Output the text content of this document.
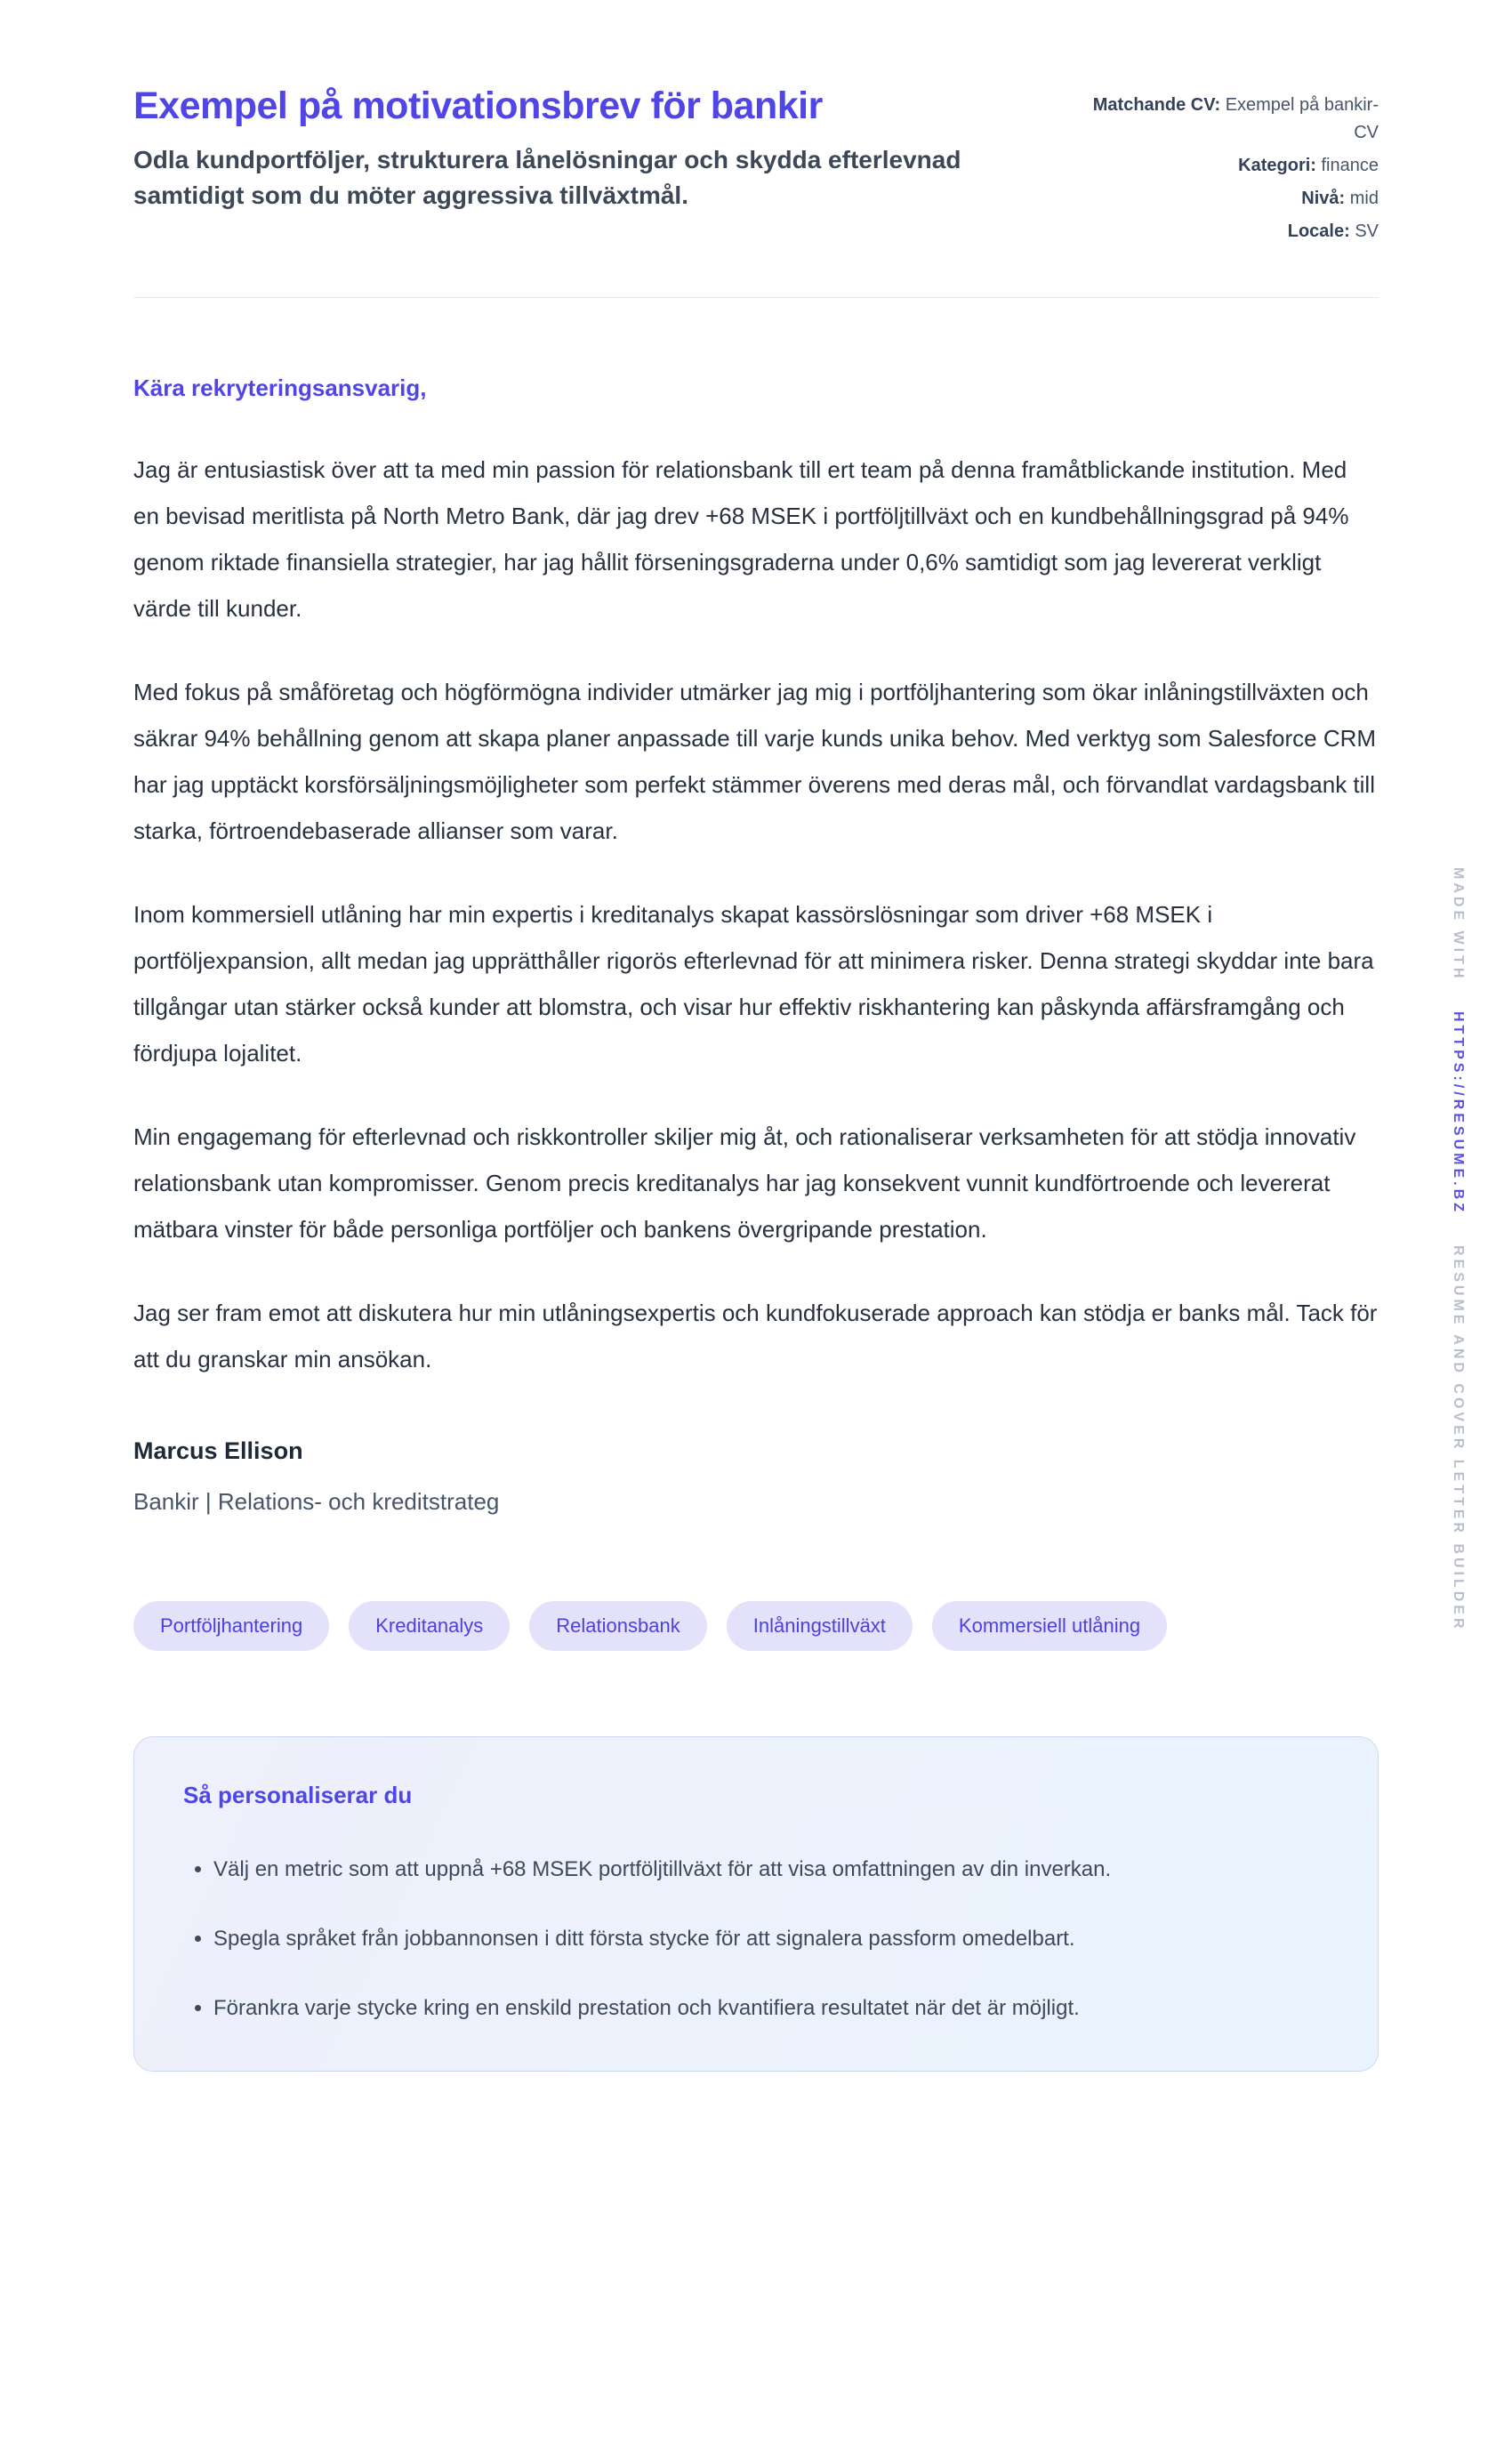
Exempel på motivationsbrev för bankir

Odla kundportföljer, strukturera lånelösningar och skydda efterlevnad samtidigt som du möter aggressiva tillväxtmål.

Matchande CV: Exempel på bankir-CV
Kategori: finance
Nivå: mid
Locale: SV

Kära rekryteringsansvarig,

Jag är entusiastisk över att ta med min passion för relationsbank till ert team på denna framåtblickande institution. Med en bevisad meritlista på North Metro Bank, där jag drev +68 MSEK i portföljtillväxt och en kundbehållningsgrad på 94% genom riktade finansiella strategier, har jag hållit förseningsgraderna under 0,6% samtidigt som jag levererat verkligt värde till kunder.

Med fokus på småföretag och högförmögna individer utmärker jag mig i portföljhantering som ökar inlåningstillväxten och säkrar 94% behållning genom att skapa planer anpassade till varje kunds unika behov. Med verktyg som Salesforce CRM har jag upptäckt korsförsäljningsmöjligheter som perfekt stämmer överens med deras mål, och förvandlat vardagsbank till starka, förtroendebaserade allianser som varar.

Inom kommersiell utlåning har min expertis i kreditanalys skapat kassörslösningar som driver +68 MSEK i portföljexpansion, allt medan jag upprätthåller rigorös efterlevnad för att minimera risker. Denna strategi skyddar inte bara tillgångar utan stärker också kunder att blomstra, och visar hur effektiv riskhantering kan påskynda affärsframgång och fördjupa lojalitet.

Min engagemang för efterlevnad och riskkontroller skiljer mig åt, och rationaliserar verksamheten för att stödja innovativ relationsbank utan kompromisser. Genom precis kreditanalys har jag konsekvent vunnit kundförtroende och levererat mätbara vinster för både personliga portföljer och bankens övergripande prestation.

Jag ser fram emot att diskutera hur min utlåningsexpertis och kundfokuserade approach kan stödja er banks mål. Tack för att du granskar min ansökan.

Marcus Ellison

Bankir | Relations- och kreditstrateg

Portföljhantering	Kreditanalys	Relationsbank	Inlåningstillväxt	Kommersiell utlåning
Så personaliserar du
• Välj en metric som att uppnå +68 MSEK portföljtillväxt för att visa omfattningen av din inverkan.
• Spegla språket från jobbannonsen i ditt första stycke för att signalera passform omedelbart.
• Förankra varje stycke kring en enskild prestation och kvantifiera resultatet när det är möjligt.
MADE WITH
HTTPS://RESUME.BZ
RESUME AND COVER LETTER BUILDER
